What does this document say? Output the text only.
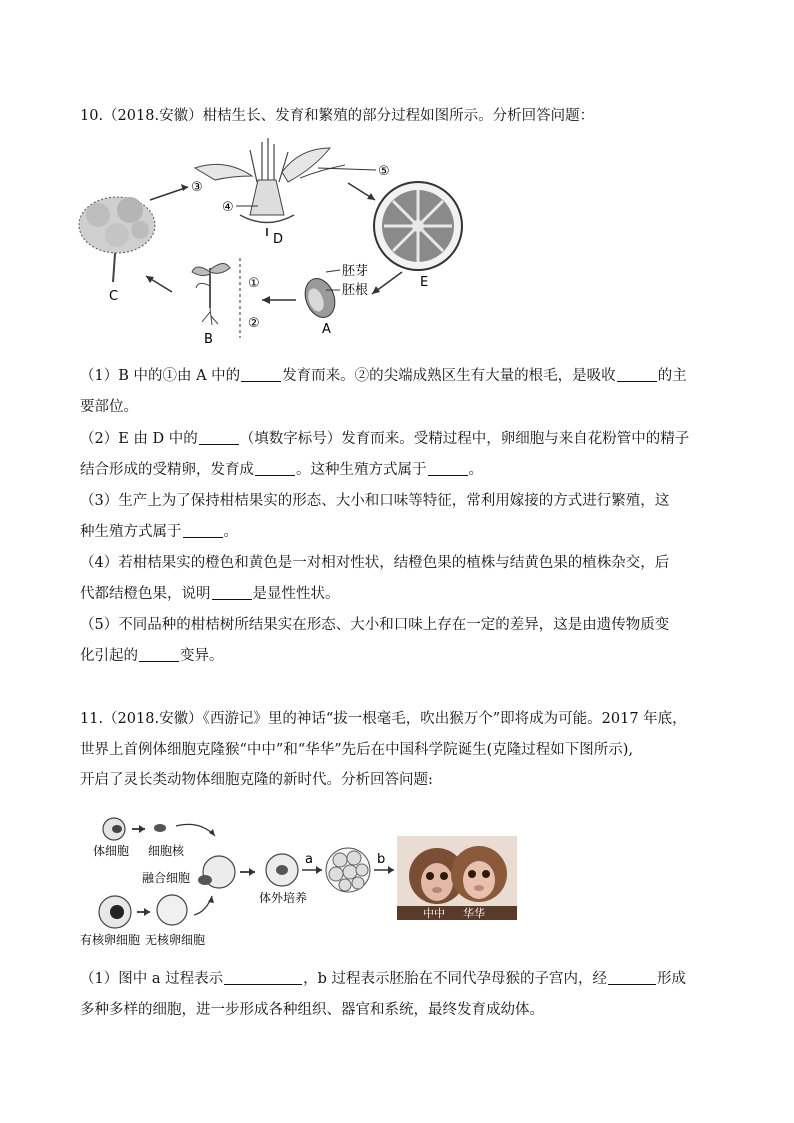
10.（2018.安徽）柑桔生长、发育和繁殖的部分过程如图所示。分析回答问题：
C
③
④
⑤
D
E
胚芽
胚根
A
①
②
B
（1）B 中的①由 A 中的	发育而来。②的尖端成熟区生有大量的根毛，是吸收	的主
要部位。
（2）E 由 D 中的	（填数字标号）发育而来。受精过程中，卵细胞与来自花粉管中的精子
结合形成的受精卵，发育成	。这种生殖方式属于	。
（3）生产上为了保持柑桔果实的形态、大小和口味等特征，常利用嫁接的方式进行繁殖，这
种生殖方式属于	。
（4）若柑桔果实的橙色和黄色是一对相对性状，结橙色果的植株与结黄色果的植株杂交，后
代都结橙色果，说明	是显性性状。
（5）不同品种的柑桔树所结果实在形态、大小和口味上存在一定的差异，这是由遗传物质变
化引起的	变异。
11.（2018.安徽）《西游记》里的神话“拔一根毫毛，吹出猴万个”即将成为可能。2017 年底，
世界上首例体细胞克隆猴“中中”和“华华”先后在中国科学院诞生(克隆过程如下图所示),
开启了灵长类动物体细胞克隆的新时代。分析回答问题:
体细胞 细胞核
融合细胞
体外培养
a	b
有核卵细胞 无核卵细胞
中中 华华
（1）图中 a 过程表示	，b 过程表示胚胎在不同代孕母猴的子宫内，经	形成
多种多样的细胞，进一步形成各种组织、器官和系统，最终发育成幼体。
